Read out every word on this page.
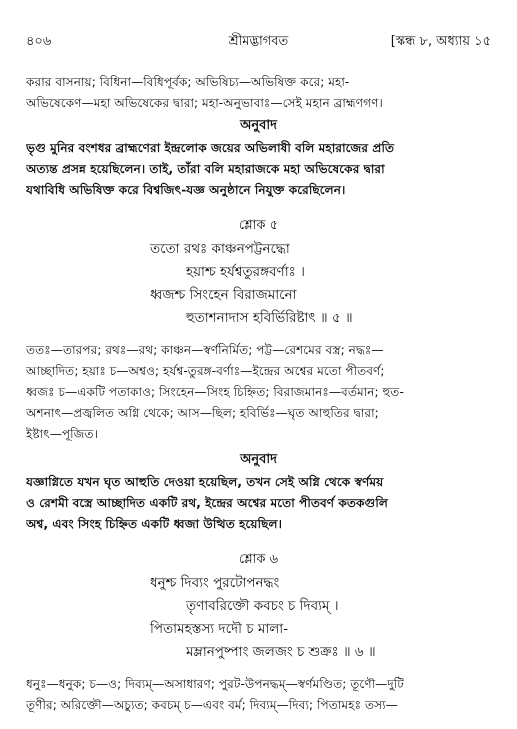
৪০৬	শ্রীমদ্ভাগবত	[স্কন্ধ ৮, অধ্যায় ১৫
করার বাসনায়; বিধিনা—বিধিপূর্বক; অভিষিচ্য—অভিষিক্ত করে; মহা-
অভিষেকেণ—মহা অভিষেকের দ্বারা; মহা-অনুভাবাঃ—সেই মহান ব্রাহ্মণগণ।
অনুবাদ
ভৃগু মুনির বংশধর ব্রাহ্মণেরা ইন্দ্রলোক জয়ের অভিলাষী বলি মহারাজের প্রতি
অত্যন্ত প্রসন্ন হয়েছিলেন। তাই, তাঁরা বলি মহারাজকে মহা অভিষেকের দ্বারা
যথাবিধি অভিষিক্ত করে বিশ্বজিৎ-যজ্ঞ অনুষ্ঠানে নিযুক্ত করেছিলেন।
শ্লোক ৫
ততো রথঃ কাঞ্চনপট্টনদ্ধো
হয়াশ্চ হর্যশ্বতুরঙ্গবর্ণাঃ ।
ধ্বজশ্চ সিংহেন বিরাজমানো
হুতাশনাদাস হবির্ভিরিষ্টাৎ ॥ ৫ ॥
ততঃ—তারপর; রথঃ—রথ; কাঞ্চন—স্বর্ণনির্মিত; পট্ট—রেশমের বস্ত্র; নদ্ধঃ—
আচ্ছাদিত; হয়াঃ চ—অশ্বও; হর্যশ্ব-তুরঙ্গ-বর্ণাঃ—ইন্দ্রের অশ্বের মতো পীতবর্ণ;
ধ্বজঃ চ—একটি পতাকাও; সিংহেন—সিংহ চিহ্নিত; বিরাজমানঃ—বর্তমান; হুত-
অশনাৎ—প্রজ্বলিত অগ্নি থেকে; আস—ছিল; হবির্ভিঃ—ঘৃত আহুতির দ্বারা;
ইষ্টাৎ—পূজিত।
অনুবাদ
যজ্ঞাগ্নিতে যখন ঘৃত আহুতি দেওয়া হয়েছিল, তখন সেই অগ্নি থেকে স্বর্ণময়
ও রেশমী বস্ত্রে আচ্ছাদিত একটি রথ, ইন্দ্রের অশ্বের মতো পীতবর্ণ কতকগুলি
অশ্ব, এবং সিংহ চিহ্নিত একটি ধ্বজা উত্থিত হয়েছিল।
শ্লোক ৬
ধনুশ্চ দিব্যং পুরটোপনদ্ধং
তৃণাবরিক্তৌ কবচং চ দিব্যম্ ।
পিতামহস্তস্য দদৌ চ মালা-
মম্লানপুষ্পাং জলজং চ শুক্রঃ ॥ ৬ ॥
ধনুঃ—ধনুক; চ—ও; দিব্যম্—অসাধারণ; পুরট-উপনদ্ধম্—স্বর্ণমণ্ডিত; তূণৌ—দুটি
তূণীর; অরিক্তৌ—অচ্যুত; কবচম্ চ—এবং বর্ম; দিব্যম্—দিব্য; পিতামহঃ তস্য—
